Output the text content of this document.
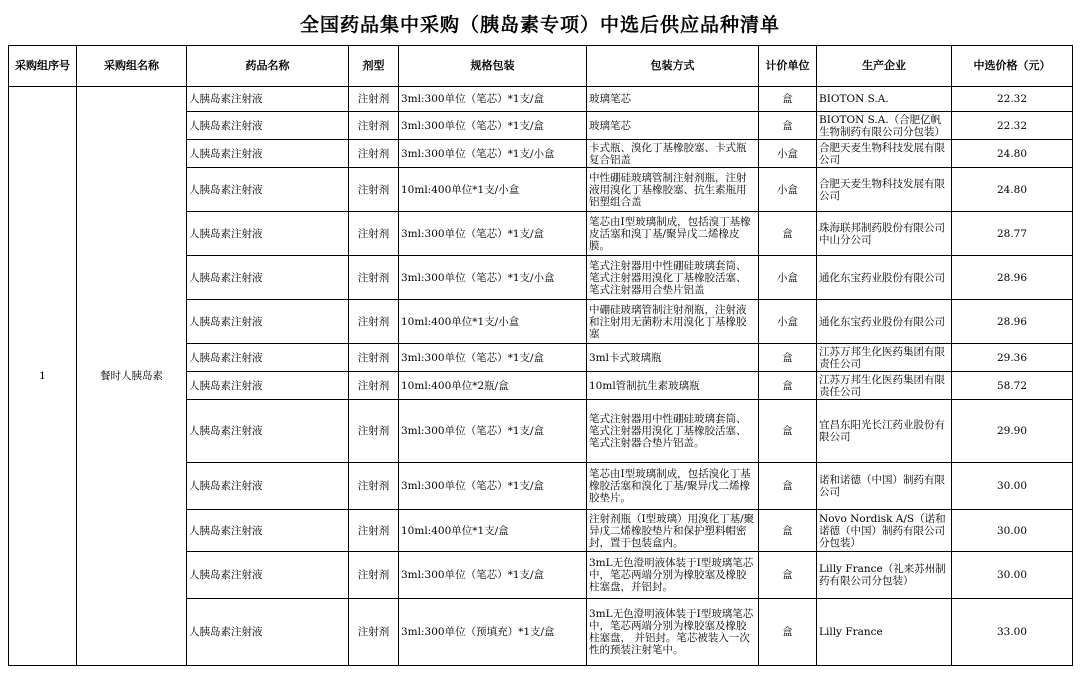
全国药品集中采购（胰岛素专项）中选后供应品种清单
采购组序号	采购组名称	药品名称	剂型	规格包装	包装方式	计价单位	生产企业	中选价格（元）
1	餐时人胰岛素	人胰岛素注射液	注射剂	3ml:300单位（笔芯）*1支/盒	玻璃笔芯	盒	BIOTON S.A.	22.32
		人胰岛素注射液	注射剂	3ml:300单位（笔芯）*1支/盒	玻璃笔芯	盒	BIOTON S.A.（合肥亿帆生物制药有限公司分包装）	22.32
		人胰岛素注射液	注射剂	3ml:300单位（笔芯）*1支/小盒	卡式瓶、溴化丁基橡胶塞、卡式瓶复合铝盖	小盒	合肥天麦生物科技发展有限公司	24.80
		人胰岛素注射液	注射剂	10ml:400单位*1支/小盒	中性硼硅玻璃管制注射剂瓶，注射液用溴化丁基橡胶塞、抗生素瓶用铝塑组合盖	小盒	合肥天麦生物科技发展有限公司	24.80
		人胰岛素注射液	注射剂	3ml:300单位（笔芯）*1支/盒	笔芯由I型玻璃制成，包括溴丁基橡皮活塞和溴丁基/聚异戊二烯橡皮膜。	盒	珠海联邦制药股份有限公司中山分公司	28.77
		人胰岛素注射液	注射剂	3ml:300单位（笔芯）*1支/小盒	笔式注射器用中性硼硅玻璃套筒、笔式注射器用溴化丁基橡胶活塞、笔式注射器用合垫片铝盖	小盒	通化东宝药业股份有限公司	28.96
		人胰岛素注射液	注射剂	10ml:400单位*1支/小盒	中硼硅玻璃管制注射剂瓶，注射液和注射用无菌粉末用溴化丁基橡胶塞	小盒	通化东宝药业股份有限公司	28.96
		人胰岛素注射液	注射剂	3ml:300单位（笔芯）*1支/盒	3ml卡式玻璃瓶	盒	江苏万邦生化医药集团有限责任公司	29.36
		人胰岛素注射液	注射剂	10ml:400单位*2瓶/盒	10ml管制抗生素玻璃瓶	盒	江苏万邦生化医药集团有限责任公司	58.72
		人胰岛素注射液	注射剂	3ml:300单位（笔芯）*1支/盒	笔式注射器用中性硼硅玻璃套筒、笔式注射器用溴化丁基橡胶活塞、笔式注射器合垫片铝盖。	盒	宜昌东阳光长江药业股份有限公司	29.90
		人胰岛素注射液	注射剂	3ml:300单位（笔芯）*1支/盒	笔芯由I型玻璃制成，包括溴化丁基橡胶活塞和溴化丁基/聚异戊二烯橡胶垫片。	盒	诺和诺德（中国）制药有限公司	30.00
		人胰岛素注射液	注射剂	10ml:400单位*1支/盒	注射剂瓶（I型玻璃）用溴化丁基/聚异戊二烯橡胶垫片和保护塑料帽密封，置于包装盒内。	盒	Novo Nordisk A/S（诺和诺德（中国）制药有限公司分包装）	30.00
		人胰岛素注射液	注射剂	3ml:300单位（笔芯）*1支/盒	3mL无色澄明液体装于I型玻璃笔芯中，笔芯两端分别为橡胶塞及橡胶柱塞盘，并铝封。	盒	Lilly France（礼来苏州制药有限公司分包装）	30.00
		人胰岛素注射液	注射剂	3ml:300单位（预填充）*1支/盒	3mL无色澄明液体装于I型玻璃笔芯中，笔芯两端分别为橡胶塞及橡胶柱塞盘， 并铝封。笔芯被装入一次性的预装注射笔中。	盒	Lilly France	33.00
